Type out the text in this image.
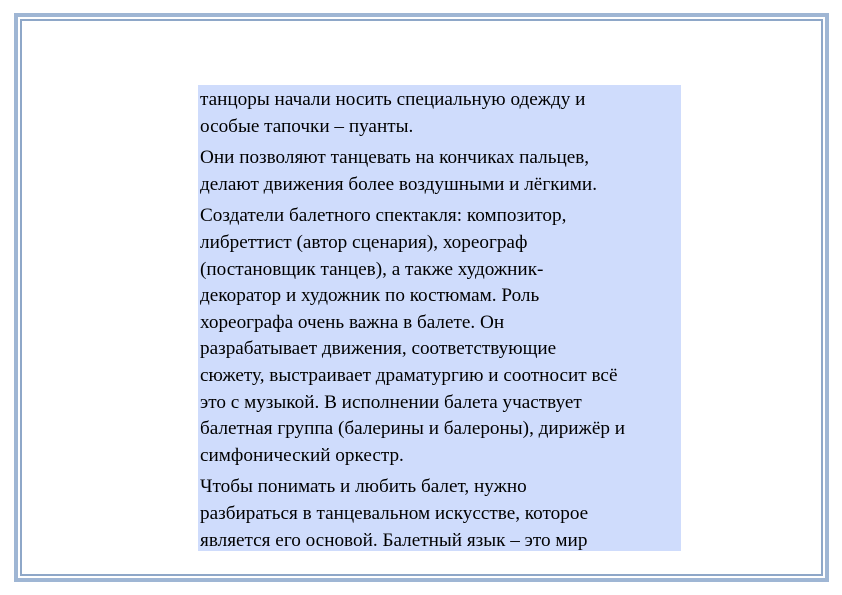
танцоры начали носить специальную одежду и
особые тапочки – пуанты.

Они позволяют танцевать на кончиках пальцев,
делают движения более воздушными и лёгкими.

Создатели балетного спектакля: композитор,
либреттист (автор сценария), хореограф
(постановщик танцев), а также художник-
декоратор и художник по костюмам. Роль
хореографа очень важна в балете. Он
разрабатывает движения, соответствующие
сюжету, выстраивает драматургию и соотносит всё
это с музыкой. В исполнении балета участвует
балетная группа (балерины и балероны), дирижёр и
симфонический оркестр.

Чтобы понимать и любить балет, нужно
разбираться в танцевальном искусстве, которое
является его основой. Балетный язык – это мир
